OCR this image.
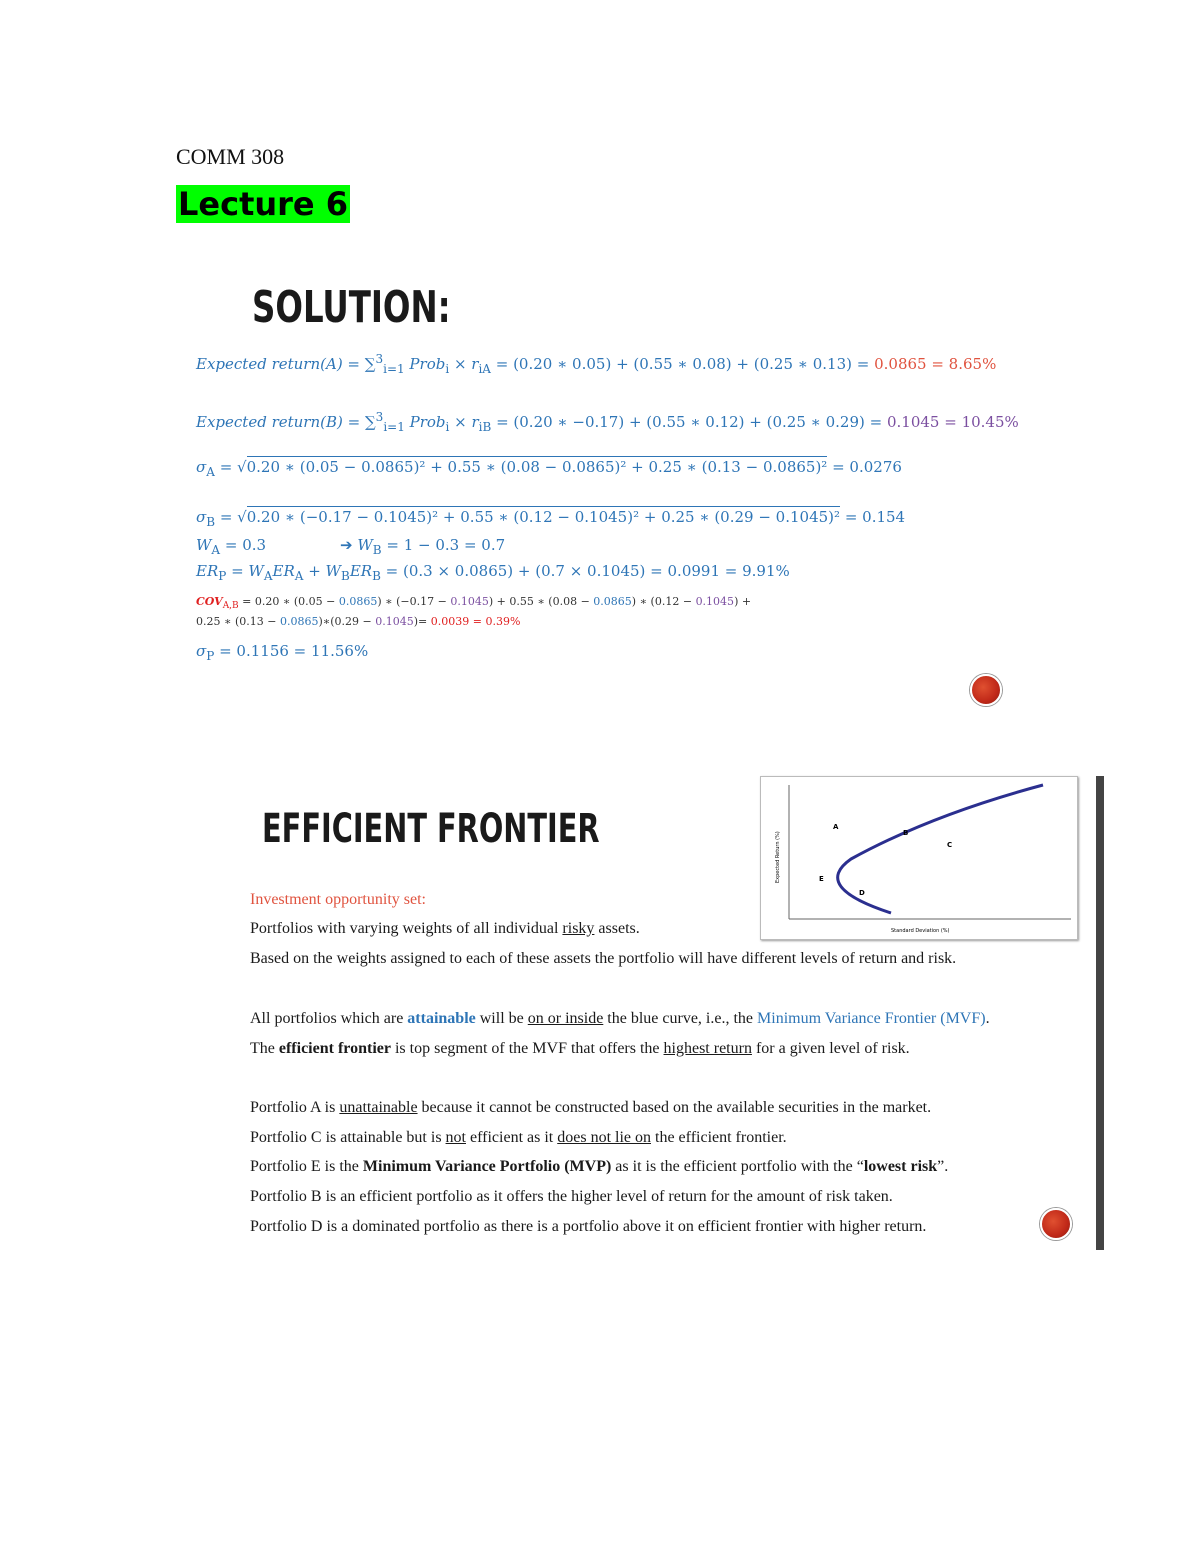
COMM 308
Lecture 6
SOLUTION:
Expected return(A) = ∑$^3_{i=1}$ Prob$_i$ × $r_{iA} = (0.20$ ∗ 0.05) + (0.55 ∗ 0.08) + (0.25 ∗ 0.13) = 0.0865 = 8.65%
Expected return(B) = ∑$^3_{i=1}$ Prob$_i$ × $r_{iB} = (0.20$ ∗ −0.17) + (0.55 ∗ 0.12) + (0.25 ∗ 0.29) = 0.1045 = 10.45%
$\sigma_A = √0.20$ ∗ (0.05 − 0.0865)² + 0.55 ∗ (0.08 − 0.0865)² + 0.25 ∗ (0.13 − 0.0865)² = 0.0276
$\sigma_B = √0.20$ ∗ (−0.17 − 0.1045)² + 0.55 ∗ (0.12 − 0.1045)² + 0.25 ∗ (0.29 − 0.1045)² = 0.154
$W_A = 0.3$	➔ $W_B = 1 - 0.3 = 0.7$
$ER_P = W_AER_A + W_BER_B = (0.3 \times 0.0865) + (0.7 \times 0.1045) = 0.0991 = 9.91\%$
$COV_{A,B} = 0.20$ ∗ (0.05 − 0.0865) ∗ (−0.17 − 0.1045) + 0.55 ∗ (0.08 − 0.0865) ∗ (0.12 − 0.1045) +
0.25 ∗ (0.13 − 0.0865)∗(0.29 − 0.1045)= 0.0039 = 0.39%
$\sigma_P = 0.1156 = 11.56\%$
EFFICIENT FRONTIER	A
B
C
D
E
Standard Deviation (%)
Expected Return (%)
Investment opportunity set:
Portfolios with varying weights of all individual risky assets.
Based on the weights assigned to each of these assets the portfolio will have different levels of return and risk.
All portfolios which are attainable will be on or inside the blue curve, i.e., the Minimum Variance Frontier (MVF).
The efficient frontier is top segment of the MVF that offers the highest return for a given level of risk.
Portfolio A is unattainable because it cannot be constructed based on the available securities in the market.
Portfolio C is attainable but is not efficient as it does not lie on the efficient frontier.
Portfolio E is the Minimum Variance Portfolio (MVP) as it is the efficient portfolio with the “lowest risk”.
Portfolio B is an efficient portfolio as it offers the higher level of return for the amount of risk taken.
Portfolio D is a dominated portfolio as there is a portfolio above it on efficient frontier with higher return.
